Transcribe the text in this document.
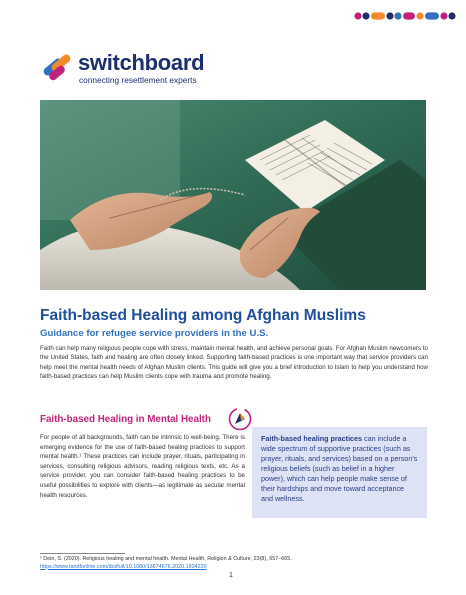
switchboard
connecting resettlement experts
Faith-based Healing among Afghan Muslims
Guidance for refugee service providers in the U.S.

Faith can help many religious people cope with stress, maintain mental health, and achieve personal goals. For Afghan Muslim newcomers to the United States, faith and healing are often closely linked. Supporting faith-based practices is one important way that service providers can help meet the mental health needs of Afghan Muslim clients. This guide will give you a brief introduction to Islam to help you understand how faith-based practices can help Muslim clients cope with trauma and promote healing.

Faith-based Healing in Mental Health

For people of all backgrounds, faith can be intrinsic to well-being. There is emerging evidence for the use of faith-based healing practices to support mental health.¹ These practices can include prayer, rituals, participating in services, consulting religious advisors, reading religious texts, etc. As a service provider, you can consider faith-based healing practices to be useful possibilities to explore with clients—as legitimate as secular mental health resources.

Faith-based healing practices can include a wide spectrum of supportive practices (such as prayer, rituals, and services) based on a person's religious beliefs (such as belief in a higher power), which can help people make sense of their hardships and move toward acceptance and wellness.
¹ Dein, S. (2020). Religious healing and mental health. Mental Health, Religion & Culture, 23(8), 657–665.
https://www.tandfonline.com/doi/full/10.1080/13674676.2020.1834220
1
